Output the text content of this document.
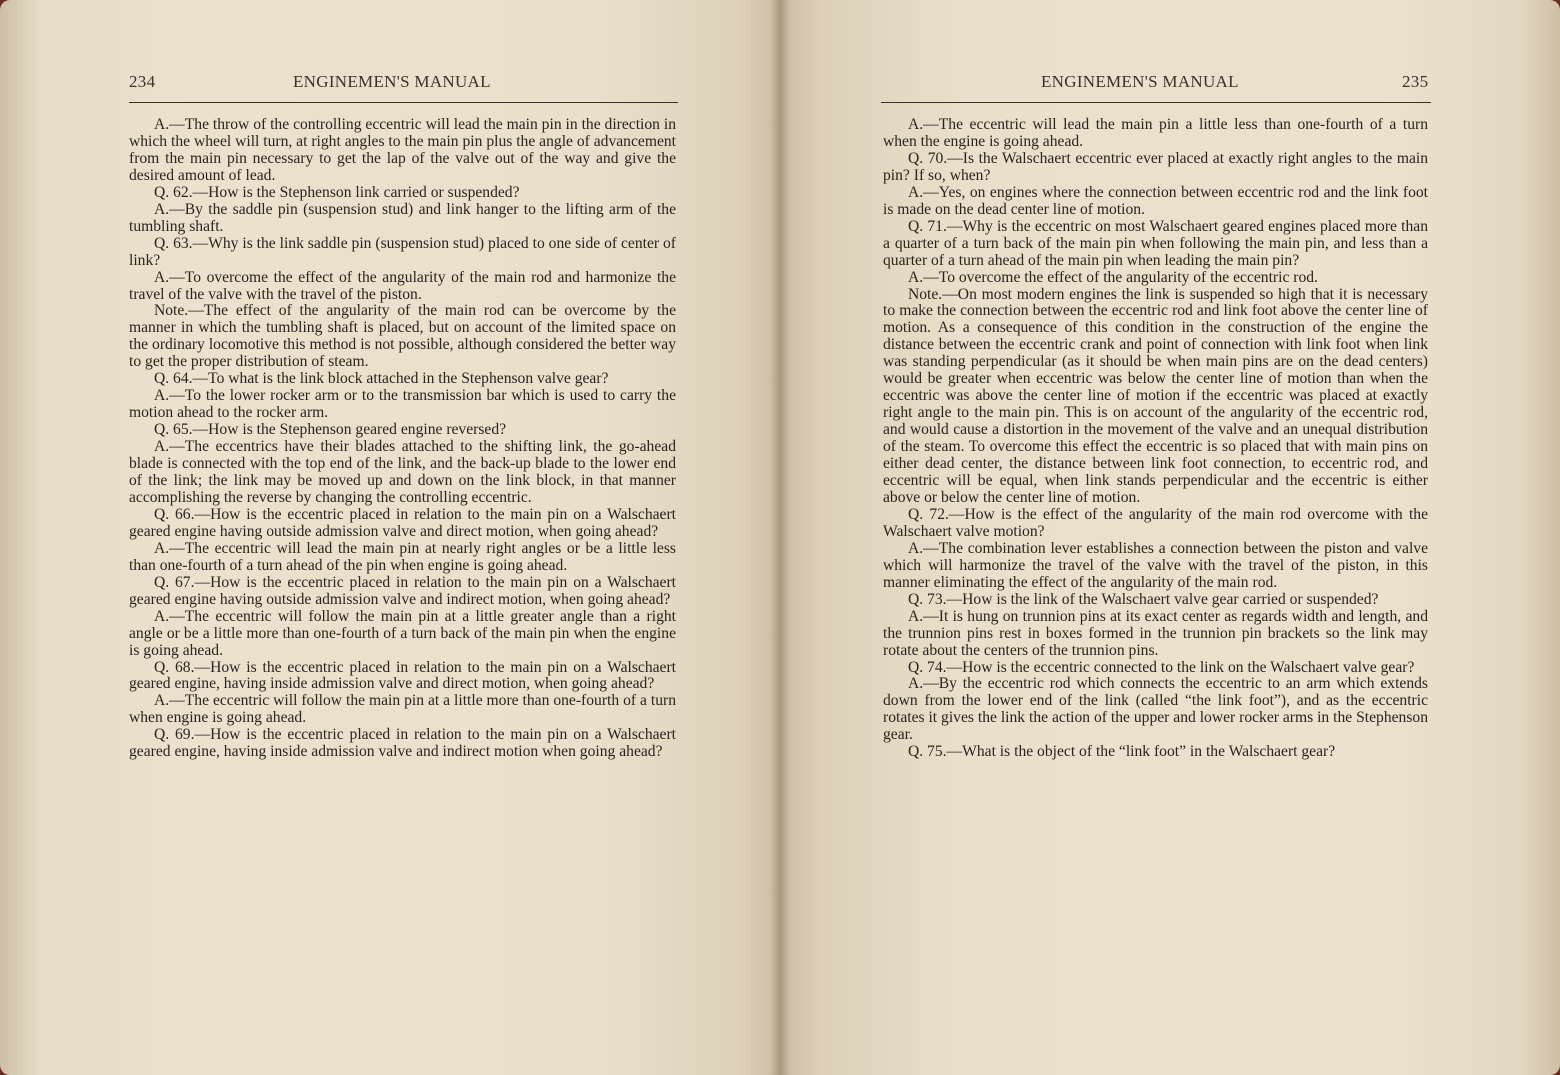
234	ENGINEMEN'S MANUAL

A.—The throw of the controlling eccentric will lead the main pin in the direction in which the wheel will turn, at right angles to the main pin plus the angle of advancement from the main pin necessary to get the lap of the valve out of the way and give the desired amount of lead.

Q. 62.—How is the Stephenson link carried or suspended?

A.—By the saddle pin (suspension stud) and link hanger to the lifting arm of the tumbling shaft.

Q. 63.—Why is the link saddle pin (suspension stud) placed to one side of center of link?

A.—To overcome the effect of the angularity of the main rod and harmonize the travel of the valve with the travel of the piston.

Note.—The effect of the angularity of the main rod can be overcome by the manner in which the tumbling shaft is placed, but on account of the limited space on the ordinary locomotive this method is not possible, although considered the better way to get the proper distribution of steam.

Q. 64.—To what is the link block attached in the Stephenson valve gear?

A.—To the lower rocker arm or to the transmission bar which is used to carry the motion ahead to the rocker arm.

Q. 65.—How is the Stephenson geared engine reversed?

A.—The eccentrics have their blades attached to the shifting link, the go-ahead blade is connected with the top end of the link, and the back-up blade to the lower end of the link; the link may be moved up and down on the link block, in that manner accomplishing the reverse by changing the controlling eccentric.

Q. 66.—How is the eccentric placed in relation to the main pin on a Walschaert geared engine having outside admission valve and direct motion, when going ahead?

A.—The eccentric will lead the main pin at nearly right angles or be a little less than one-fourth of a turn ahead of the pin when engine is going ahead.

Q. 67.—How is the eccentric placed in relation to the main pin on a Walschaert geared engine having outside admission valve and indirect motion, when going ahead?

A.—The eccentric will follow the main pin at a little greater angle than a right angle or be a little more than one-fourth of a turn back of the main pin when the engine is going ahead.

Q. 68.—How is the eccentric placed in relation to the main pin on a Walschaert geared engine, having inside admission valve and direct motion, when going ahead?

A.—The eccentric will follow the main pin at a little more than one-fourth of a turn when engine is going ahead.

Q. 69.—How is the eccentric placed in relation to the main pin on a Walschaert geared engine, having inside admission valve and indirect motion when going ahead?

ENGINEMEN'S MANUAL	235

A.—The eccentric will lead the main pin a little less than one-fourth of a turn when the engine is going ahead.

Q. 70.—Is the Walschaert eccentric ever placed at exactly right angles to the main pin? If so, when?

A.—Yes, on engines where the connection between eccentric rod and the link foot is made on the dead center line of motion.

Q. 71.—Why is the eccentric on most Walschaert geared engines placed more than a quarter of a turn back of the main pin when following the main pin, and less than a quarter of a turn ahead of the main pin when leading the main pin?

A.—To overcome the effect of the angularity of the eccentric rod.

Note.—On most modern engines the link is suspended so high that it is necessary to make the connection between the eccentric rod and link foot above the center line of motion. As a consequence of this condition in the construction of the engine the distance between the eccentric crank and point of connection with link foot when link was standing perpendicular (as it should be when main pins are on the dead centers) would be greater when eccentric was below the center line of motion than when the eccentric was above the center line of motion if the eccentric was placed at exactly right angle to the main pin. This is on account of the angularity of the eccentric rod, and would cause a distortion in the movement of the valve and an unequal distribution of the steam. To overcome this effect the eccentric is so placed that with main pins on either dead center, the distance between link foot connection, to eccentric rod, and eccentric will be equal, when link stands perpendicular and the eccentric is either above or below the center line of motion.

Q. 72.—How is the effect of the angularity of the main rod overcome with the Walschaert valve motion?

A.—The combination lever establishes a connection between the piston and valve which will harmonize the travel of the valve with the travel of the piston, in this manner eliminating the effect of the angularity of the main rod.

Q. 73.—How is the link of the Walschaert valve gear carried or suspended?

A.—It is hung on trunnion pins at its exact center as regards width and length, and the trunnion pins rest in boxes formed in the trunnion pin brackets so the link may rotate about the centers of the trunnion pins.

Q. 74.—How is the eccentric connected to the link on the Walschaert valve gear?

A.—By the eccentric rod which connects the eccentric to an arm which extends down from the lower end of the link (called “the link foot”), and as the eccentric rotates it gives the link the action of the upper and lower rocker arms in the Stephenson gear.

Q. 75.—What is the object of the “link foot” in the Walschaert gear?
